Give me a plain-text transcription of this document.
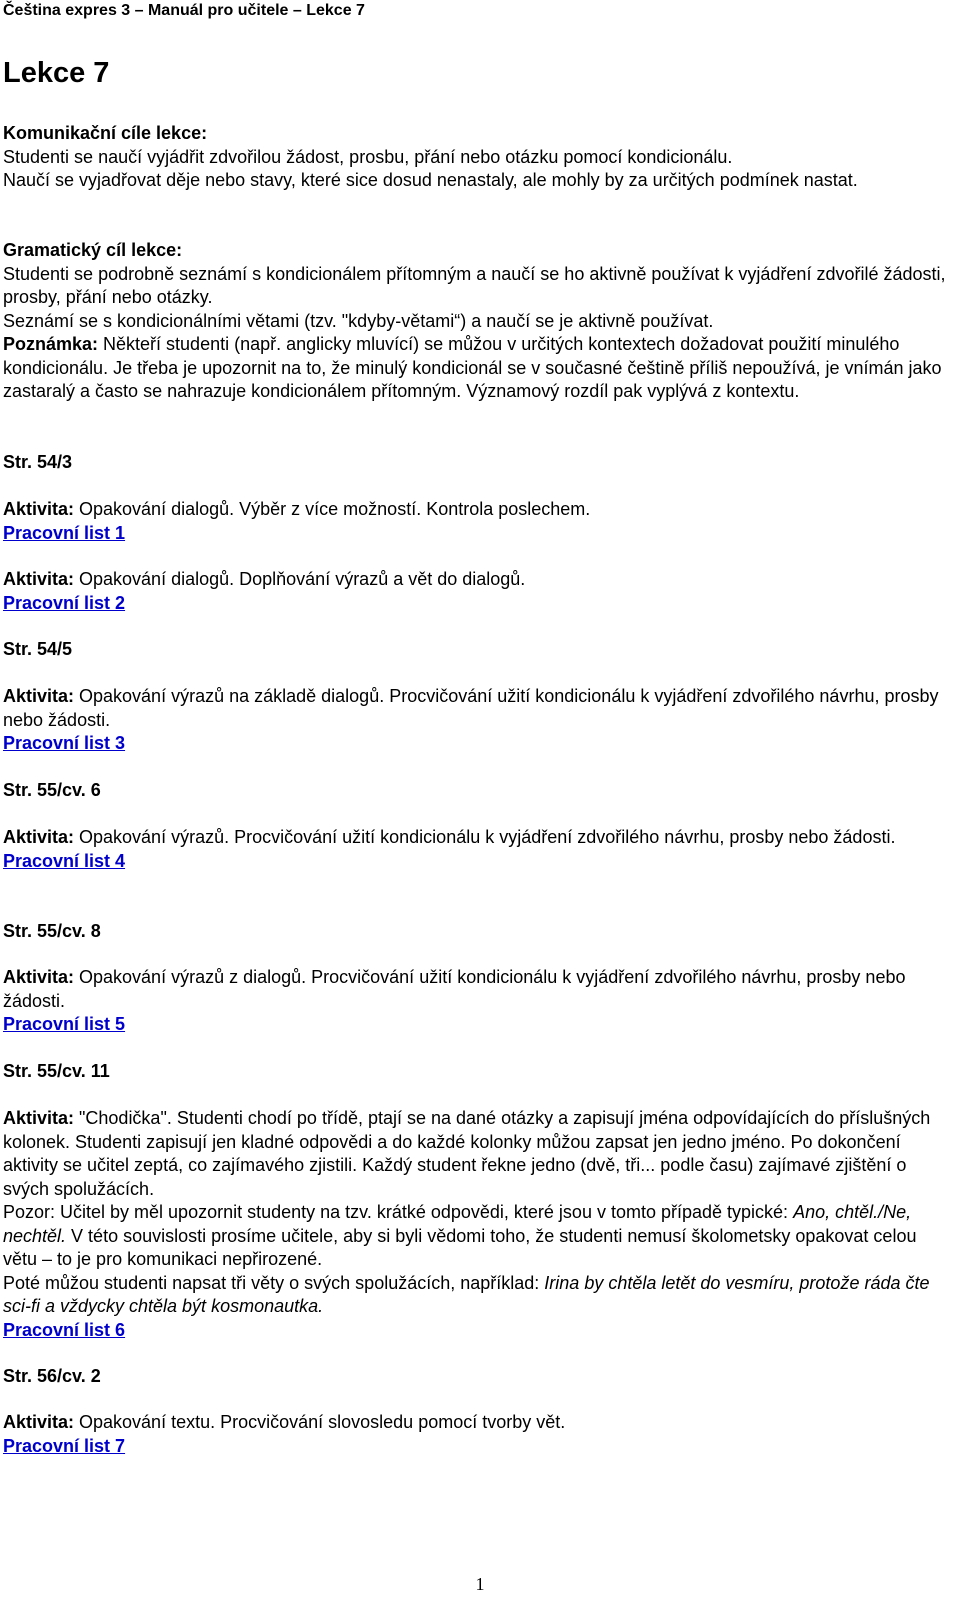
Čeština expres 3 – Manuál pro učitele – Lekce 7
Lekce 7
Komunikační cíle lekce:
Studenti se naučí vyjádřit zdvořilou žádost, prosbu, přání nebo otázku pomocí kondicionálu.
Naučí se vyjadřovat děje nebo stavy, které sice dosud nenastaly, ale mohly by za určitých podmínek nastat.
Gramatický cíl lekce:
Studenti se podrobně seznámí s kondicionálem přítomným a naučí se ho aktivně používat k vyjádření zdvořilé žádosti, prosby, přání nebo otázky.
Seznámí se s kondicionálními větami (tzv. "kdyby-větami“) a naučí se je aktivně používat.
Poznámka: Někteří studenti (např. anglicky mluvící) se můžou v určitých kontextech dožadovat použití minulého kondicionálu. Je třeba je upozornit na to, že minulý kondicionál se v současné češtině příliš nepoužívá, je vnímán jako zastaralý a často se nahrazuje kondicionálem přítomným. Významový rozdíl pak vyplývá z kontextu.
Str. 54/3
Aktivita: Opakování dialogů. Výběr z více možností. Kontrola poslechem.
Pracovní list 1
Aktivita: Opakování dialogů. Doplňování výrazů a vět do dialogů.
Pracovní list 2
Str. 54/5
Aktivita: Opakování výrazů na základě dialogů. Procvičování užití kondicionálu k vyjádření zdvořilého návrhu, prosby nebo žádosti.
Pracovní list 3
Str. 55/cv. 6
Aktivita: Opakování výrazů. Procvičování užití kondicionálu k vyjádření zdvořilého návrhu, prosby nebo žádosti.
Pracovní list 4
Str. 55/cv. 8
Aktivita: Opakování výrazů z dialogů. Procvičování užití kondicionálu k vyjádření zdvořilého návrhu, prosby nebo žádosti.
Pracovní list 5
Str. 55/cv. 11
Aktivita: "Chodička". Studenti chodí po třídě, ptají se na dané otázky a zapisují jména odpovídajících do příslušných kolonek. Studenti zapisují jen kladné odpovědi a do každé kolonky můžou zapsat jen jedno jméno. Po dokončení aktivity se učitel zeptá, co zajímavého zjistili. Každý student řekne jedno (dvě, tři... podle času) zajímavé zjištění o svých spolužácích.
Pozor: Učitel by měl upozornit studenty na tzv. krátké odpovědi, které jsou v tomto případě typické: Ano, chtěl./Ne, nechtěl. V této souvislosti prosíme učitele, aby si byli vědomi toho, že studenti nemusí školometsky opakovat celou větu – to je pro komunikaci nepřirozené.
Poté můžou studenti napsat tři věty o svých spolužácích, například: Irina by chtěla letět do vesmíru, protože ráda čte sci-fi a vždycky chtěla být kosmonautka.
Pracovní list 6
Str. 56/cv. 2
Aktivita: Opakování textu. Procvičování slovosledu pomocí tvorby vět.
Pracovní list 7
1
